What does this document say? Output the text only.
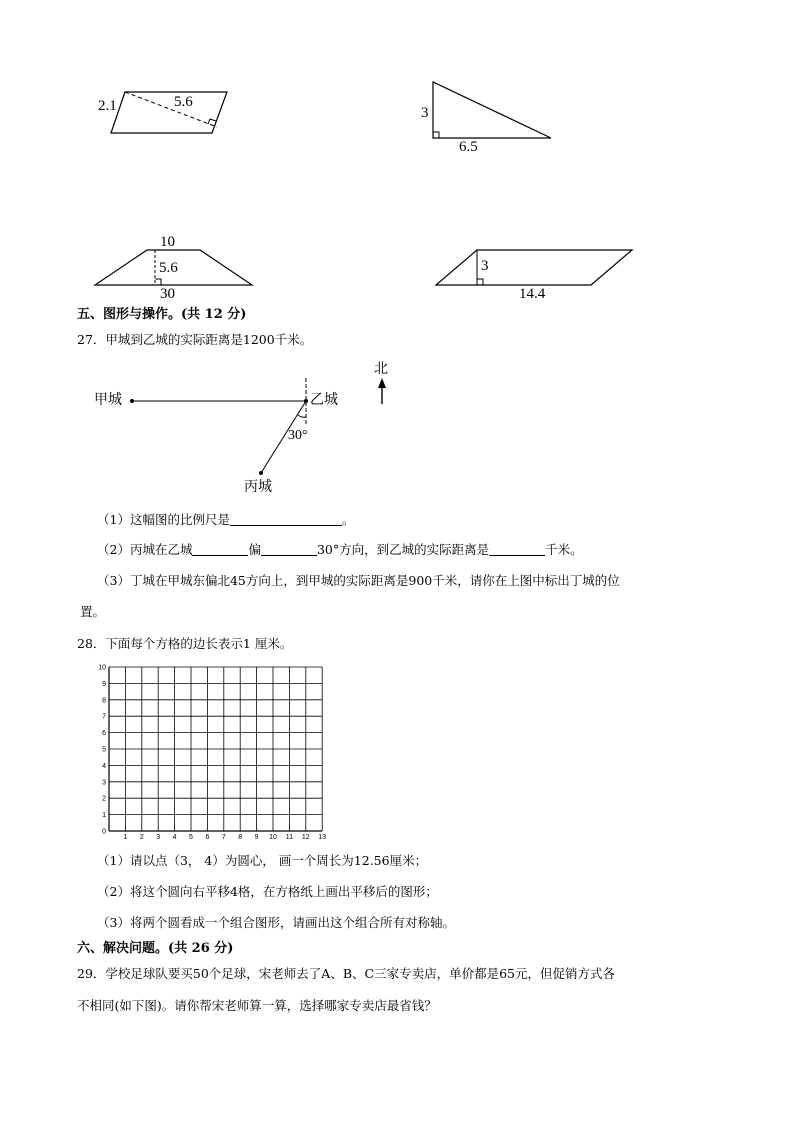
1 2 3 4 5 6 7 8 9 10 11 12 13
0
1
2
3
4
5
6
7
8
9
10
2.1	5.6
3
6.5
10
5.6
30
3
14.4
五、图形与操作。(共 12 分)
27．甲城到乙城的实际距离是1200千米。
甲城	乙城
丙城
北
30°
（1）这幅图的比例尺是	。
（2）丙城在乙城	偏	30°方向，到乙城的实际距离是	千米。
（3）丁城在甲城东偏北45方向上，到甲城的实际距离是900千米，请你在上图中标出丁城的位
置。
28．下面每个方格的边长表示1 厘米。
（1）请以点（3， 4）为圆心， 画一个周长为12.56厘米；
（2）将这个圆向右平移4格，在方格纸上画出平移后的图形；
（3）将两个圆看成一个组合图形，请画出这个组合所有对称轴。
六、解决问题。(共 26 分)
29．学校足球队要买50个足球，宋老师去了A、B、C三家专卖店，单价都是65元，但促销方式各
不相同(如下图)。请你帮宋老师算一算，选择哪家专卖店最省钱？
